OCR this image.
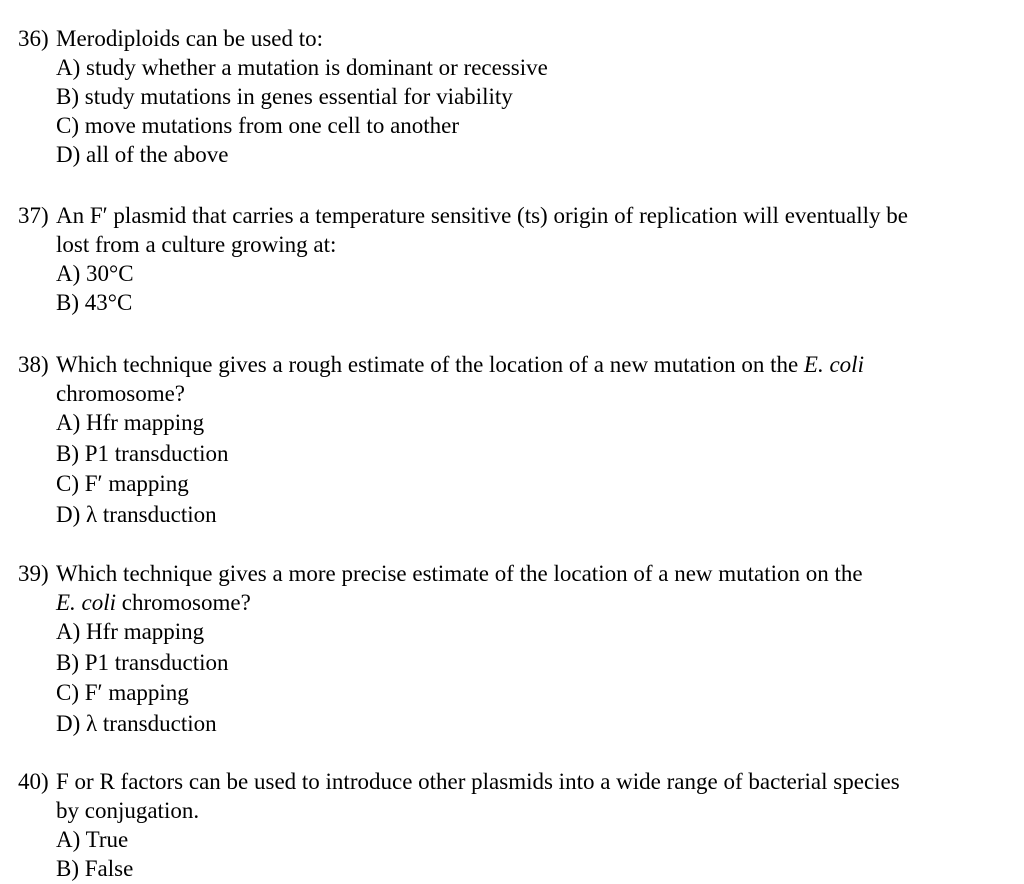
36) Merodiploids can be used to:
A) study whether a mutation is dominant or recessive
B) study mutations in genes essential for viability
C) move mutations from one cell to another
D) all of the above
37) An F′ plasmid that carries a temperature sensitive (ts) origin of replication will eventually be
lost from a culture growing at:
A) 30°C
B) 43°C
38) Which technique gives a rough estimate of the location of a new mutation on the E. coli
chromosome?
A) Hfr mapping
B) P1 transduction
C) F′ mapping
D) λ transduction
39) Which technique gives a more precise estimate of the location of a new mutation on the
E. coli chromosome?
A) Hfr mapping
B) P1 transduction
C) F′ mapping
D) λ transduction
40) F or R factors can be used to introduce other plasmids into a wide range of bacterial species
by conjugation.
A) True
B) False
